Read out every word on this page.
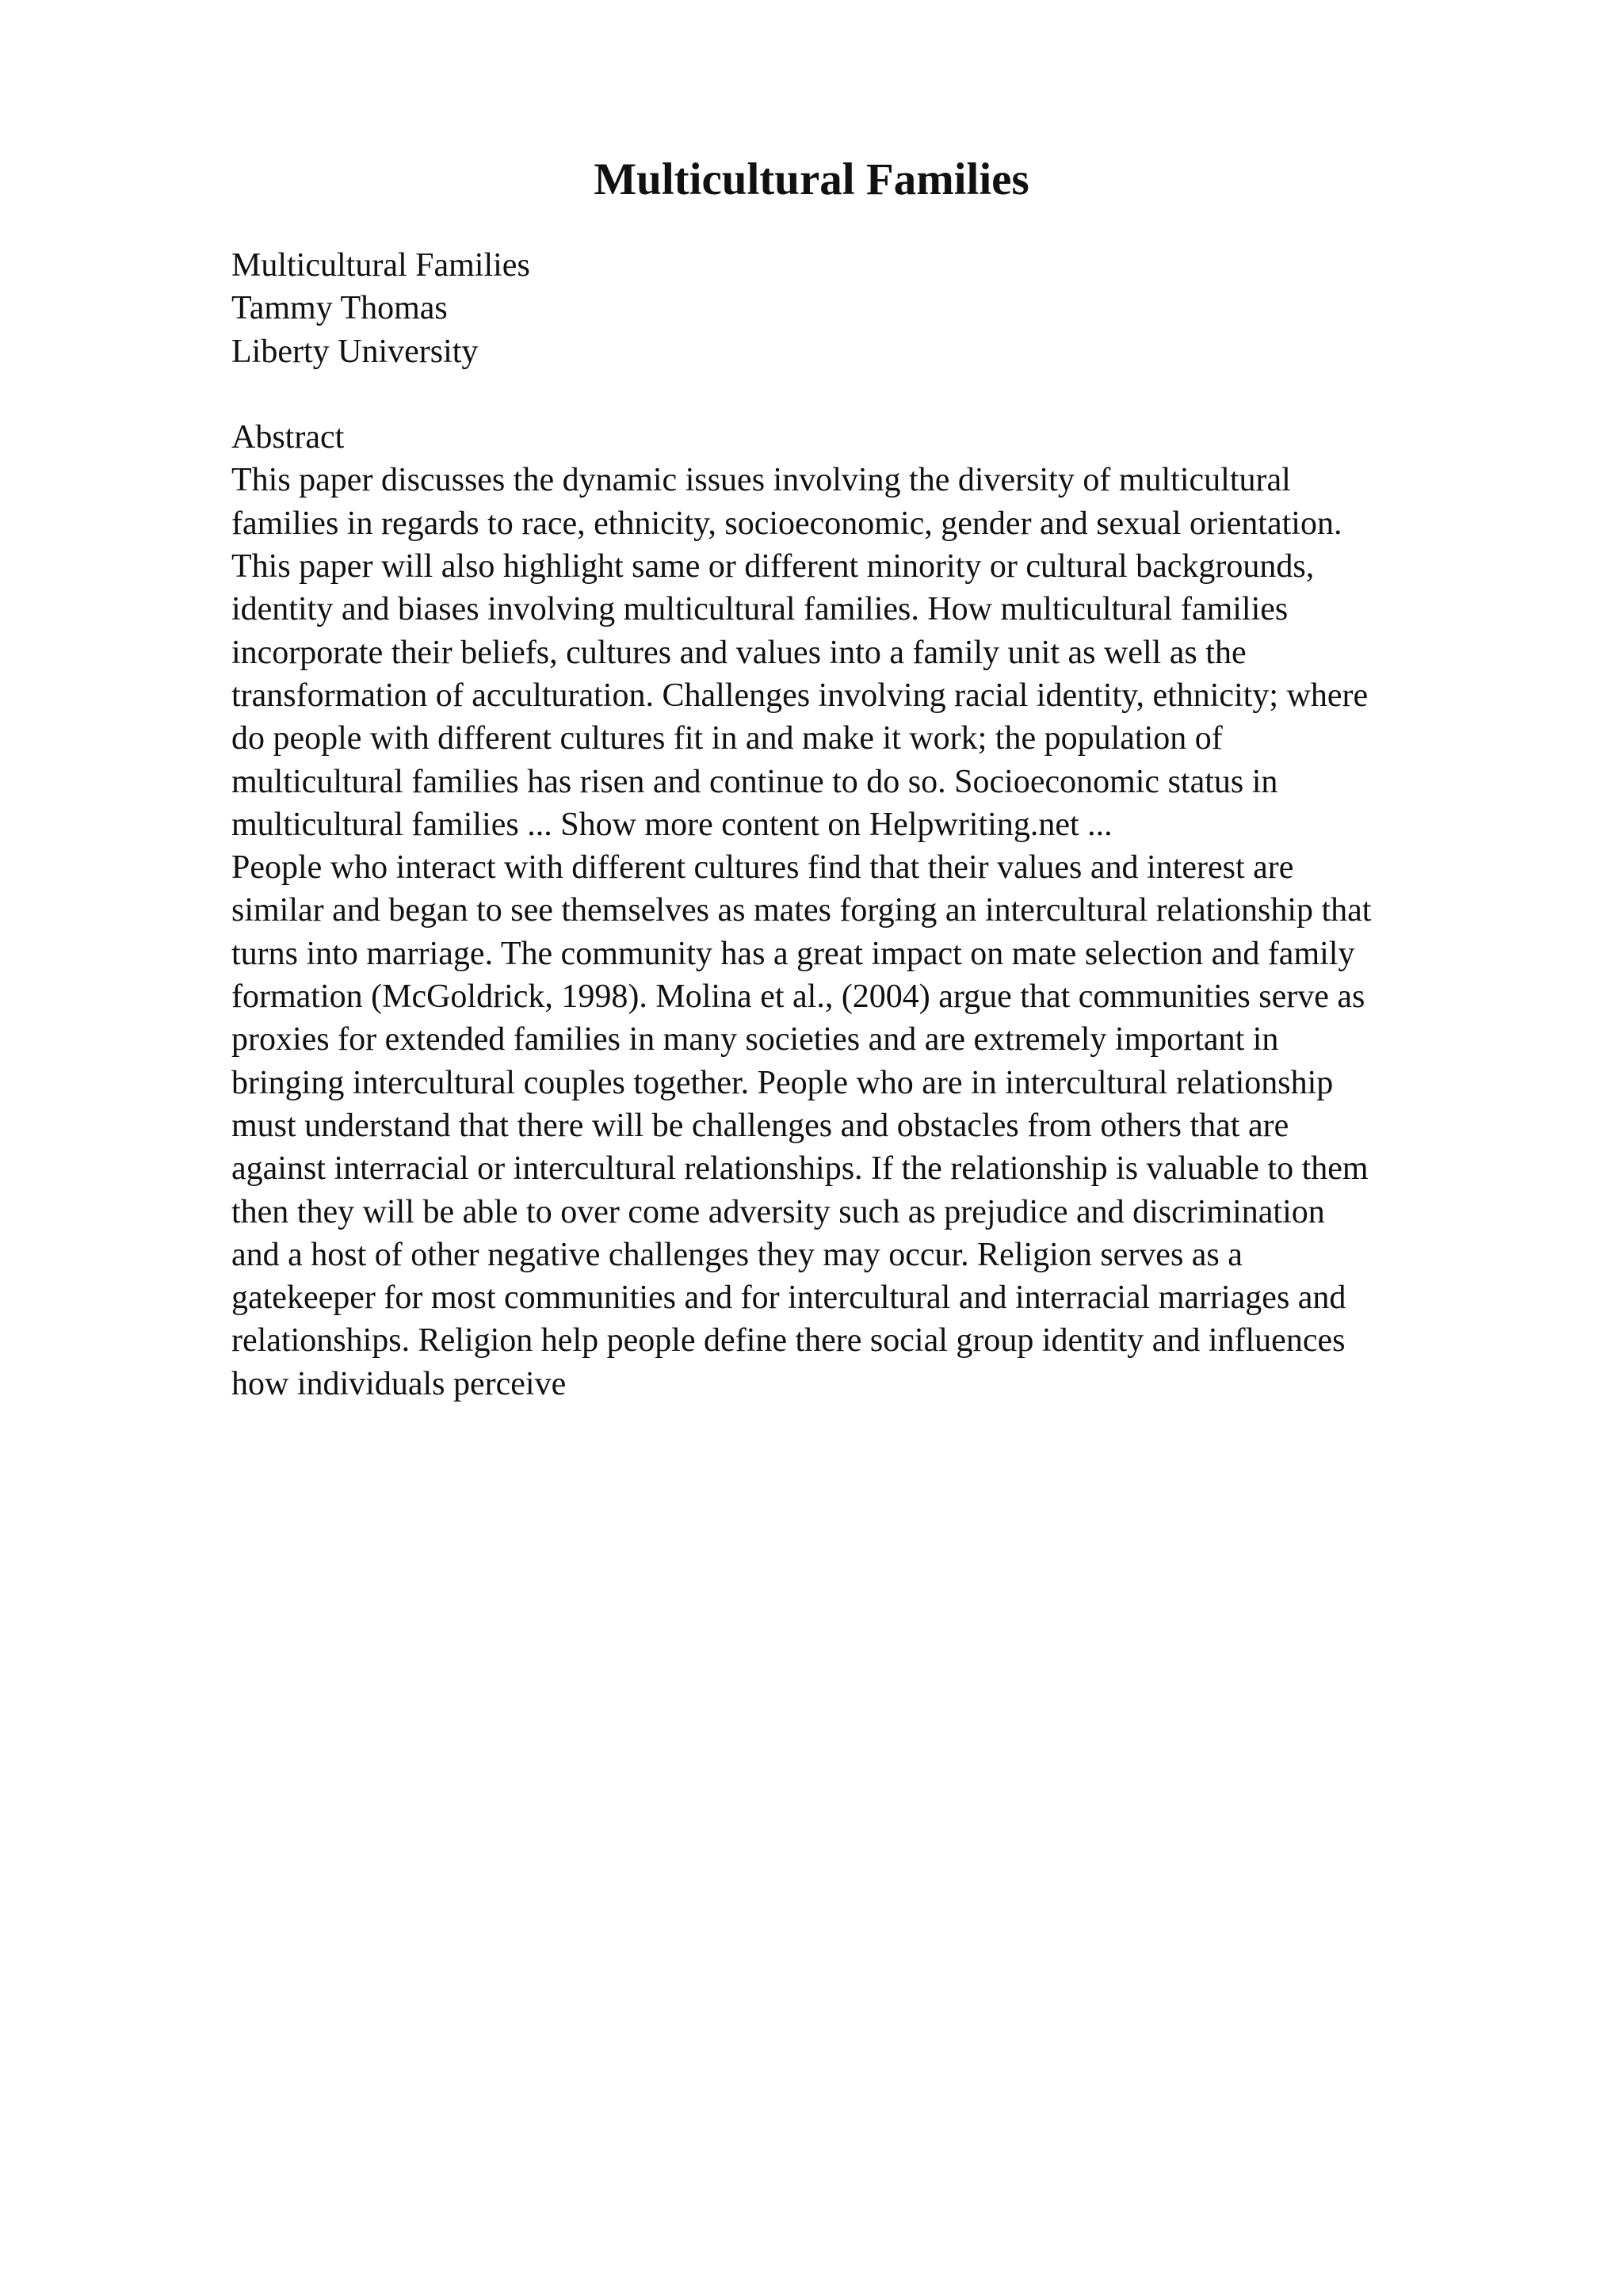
Multicultural Families
Multicultural Families
Tammy Thomas
Liberty University
Abstract
This paper discusses the dynamic issues involving the diversity of multicultural
families in regards to race, ethnicity, socioeconomic, gender and sexual orientation.
This paper will also highlight same or different minority or cultural backgrounds,
identity and biases involving multicultural families. How multicultural families
incorporate their beliefs, cultures and values into a family unit as well as the
transformation of acculturation. Challenges involving racial identity, ethnicity; where
do people with different cultures fit in and make it work; the population of
multicultural families has risen and continue to do so. Socioeconomic status in
multicultural families ... Show more content on Helpwriting.net ...
People who interact with different cultures find that their values and interest are
similar and began to see themselves as mates forging an intercultural relationship that
turns into marriage. The community has a great impact on mate selection and family
formation (McGoldrick, 1998). Molina et al., (2004) argue that communities serve as
proxies for extended families in many societies and are extremely important in
bringing intercultural couples together. People who are in intercultural relationship
must understand that there will be challenges and obstacles from others that are
against interracial or intercultural relationships. If the relationship is valuable to them
then they will be able to over come adversity such as prejudice and discrimination
and a host of other negative challenges they may occur. Religion serves as a
gatekeeper for most communities and for intercultural and interracial marriages and
relationships. Religion help people define there social group identity and influences
how individuals perceive
